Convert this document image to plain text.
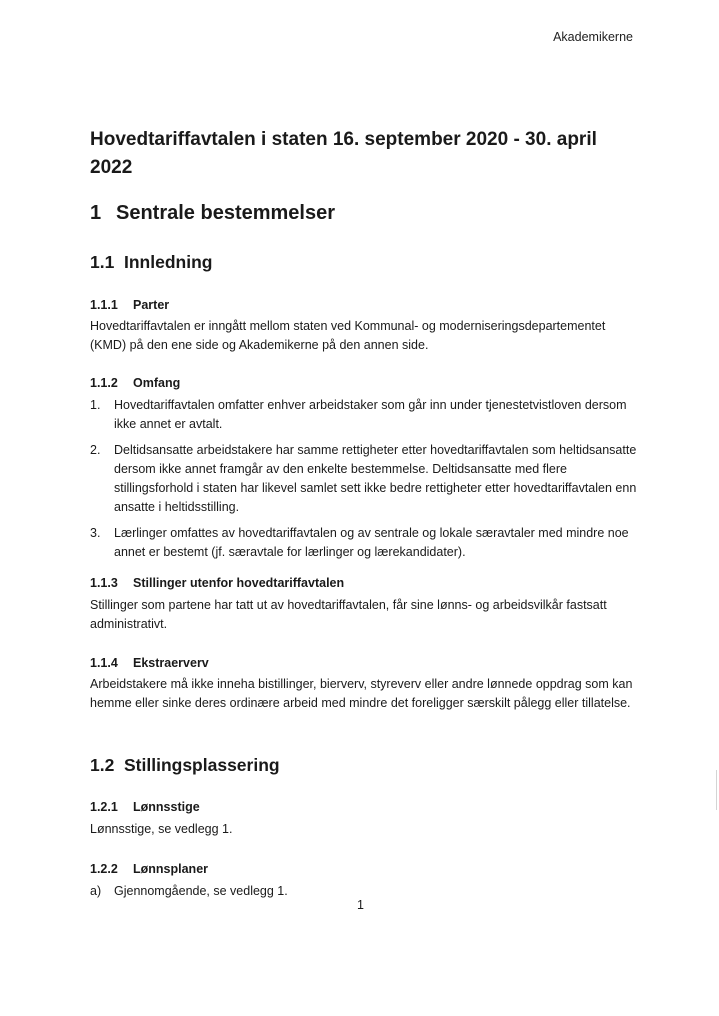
Akademikerne
Hovedtariffavtalen i staten 16. september 2020 - 30. april 2022
1 Sentrale bestemmelser
1.1 Innledning
1.1.1 Parter

Hovedtariffavtalen er inngått mellom staten ved Kommunal- og moderniseringsdepartementet (KMD) på den ene side og Akademikerne på den annen side.

1.1.2 Omfang
1. Hovedtariffavtalen omfatter enhver arbeidstaker som går inn under tjenestetvistloven dersom ikke annet er avtalt.
2. Deltidsansatte arbeidstakere har samme rettigheter etter hovedtariffavtalen som heltidsansatte dersom ikke annet framgår av den enkelte bestemmelse. Deltidsansatte med flere stillingsforhold i staten har likevel samlet sett ikke bedre rettigheter etter hovedtariffavtalen enn ansatte i heltidsstilling.
3. Lærlinger omfattes av hovedtariffavtalen og av sentrale og lokale særavtaler med mindre noe annet er bestemt (jf. særavtale for lærlinger og lærekandidater).
1.1.3 Stillinger utenfor hovedtariffavtalen

Stillinger som partene har tatt ut av hovedtariffavtalen, får sine lønns- og arbeidsvilkår fastsatt administrativt.

1.1.4 Ekstraerverv

Arbeidstakere må ikke inneha bistillinger, bierverv, styreverv eller andre lønnede oppdrag som kan hemme eller sinke deres ordinære arbeid med mindre det foreligger særskilt pålegg eller tillatelse.

1.2 Stillingsplassering
1.2.1 Lønnsstige

Lønnsstige, se vedlegg 1.

1.2.2 Lønnsplaner
a) Gjennomgående, se vedlegg 1.
1
